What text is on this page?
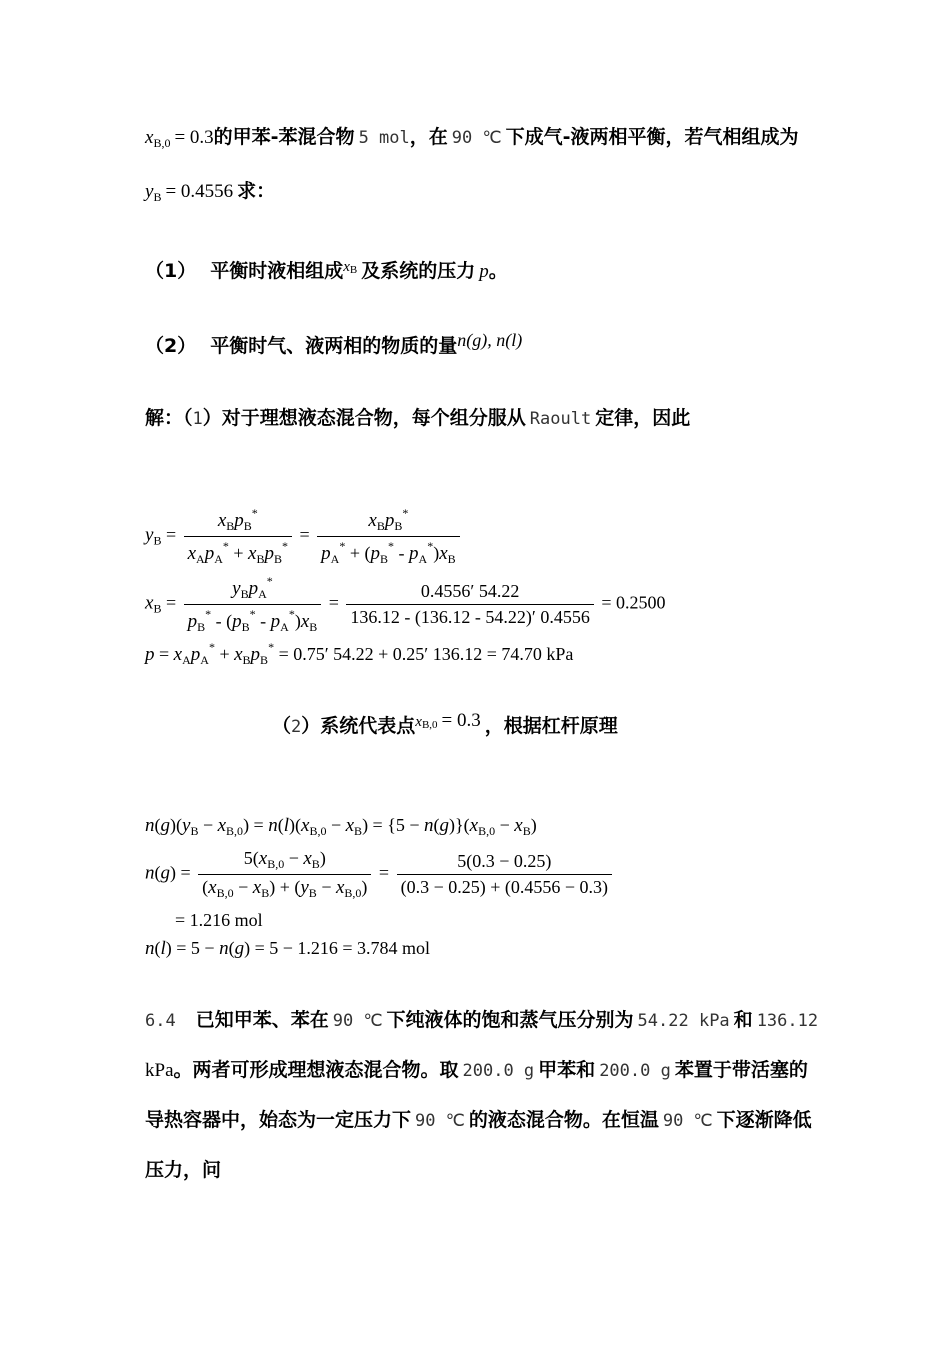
$x_{B,0} = 0.3$的甲苯-苯混合物 5 mol，在 90 ℃ 下成气-液两相平衡，若气相组成为
$y_B = 0.4556$ 求：
（1） 平衡时液相组成$x^B$ 及系统的压力 p。
（2） 平衡时气、液两相的物质的量n(g), n(l)
解：（1）对于理想液态混合物，每个组分服从 Raoult 定律，因此
$y_B = \frac{x_Bp_B^*}{x_Ap_A^* + x_Bp_B^*} = \frac{x_Bp_B^*}{p_A^* + (p_B^* - p_A^*)x_B}$
$x_B = \frac{y_Bp_A^*}{p_B^* - (p_B^* - p_A^*)x_B} = \frac{0.4556' 54.22}{136.12 - (136.12 - 54.22)' 0.4556} = 0.2500$
$p = x_Ap_A^* + x_Bp_B^* = 0.75'$ 54.22 + 0.25′ 136.12 = 74.70 kPa
（2）系统代表点$x^{B,0} = 0.3$ ，根据杠杆原理
$n(g)(y_B - x_{B,0}) = n(l)(x_{B,0} - x_B) = \{5 - n(g)\}(x_{B,0} - x_B)$
$n(g) = \frac{5(x_{B,0} - x_B)}{(x_{B,0} - x_B) + (y_B - x_{B,0})} = \frac{5(0.3 - 0.25)}{(0.3 - 0.25) + (0.4556 - 0.3)}$
= 1.216 mol
n(l) = 5 − n(g) = 5 − 1.216 = 3.784 mol
6.4 已知甲苯、苯在 90 ℃ 下纯液体的饱和蒸气压分别为 54.22 kPa 和 136.12
kPa。两者可形成理想液态混合物。取 200.0 g 甲苯和 200.0 g 苯置于带活塞的
导热容器中，始态为一定压力下 90 ℃ 的液态混合物。在恒温 90 ℃ 下逐渐降低
压力，问
